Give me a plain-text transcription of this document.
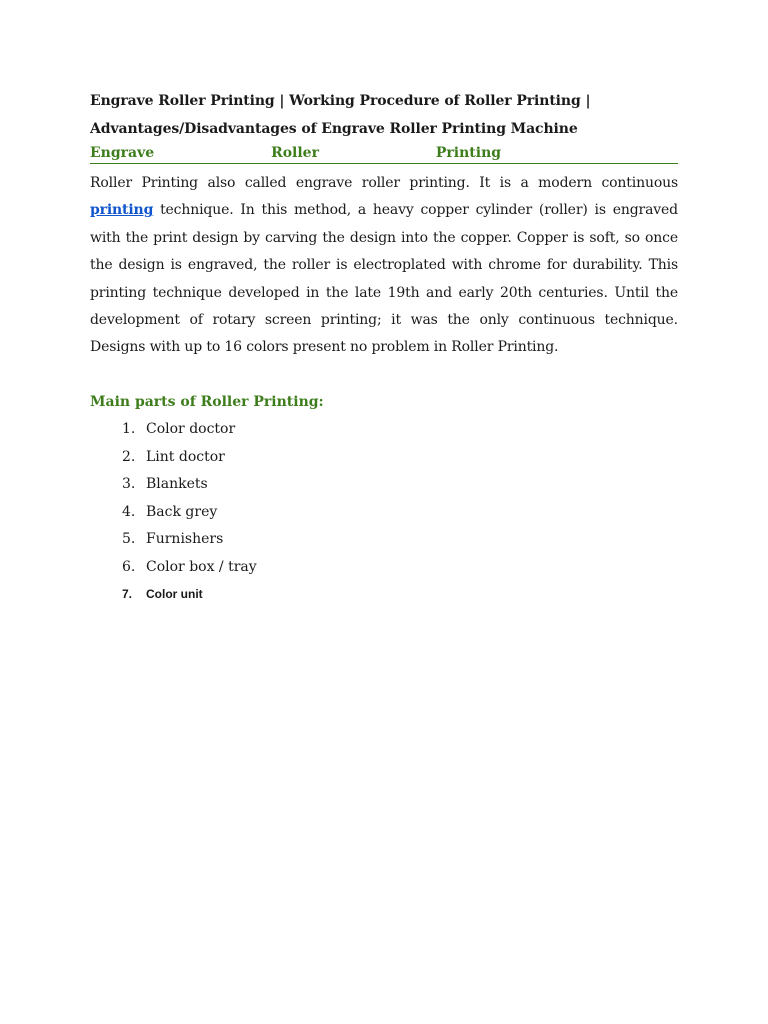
Engrave Roller Printing | Working Procedure of Roller Printing |
Advantages/Disadvantages of Engrave Roller Printing Machine
Engrave	Roller	Printing

Roller Printing also called engrave roller printing. It is a modern continuous printing technique. In this method, a heavy copper cylinder (roller) is engraved with the print design by carving the design into the copper. Copper is soft, so once the design is engraved, the roller is electroplated with chrome for durability. This printing technique developed in the late 19th and early 20th centuries. Until the development of rotary screen printing; it was the only continuous technique. Designs with up to 16 colors present no problem in Roller Printing.

Main parts of Roller Printing:
1. Color doctor
2. Lint doctor
3. Blankets
4. Back grey
5. Furnishers
6. Color box / tray
7.	Color unit
